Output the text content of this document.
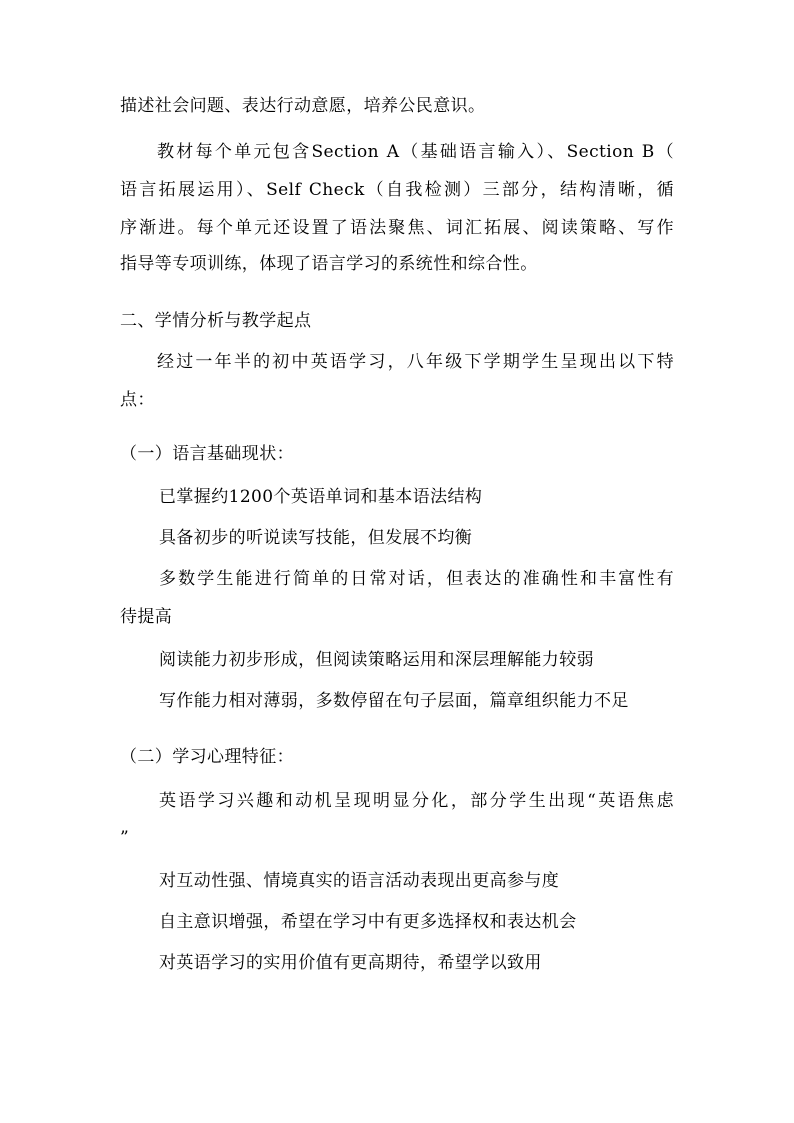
描述社会问题、表达行动意愿，培养公民意识。
教材每个单元包含Section A（基础语言输入）、Section B（
语言拓展运用）、Self Check（自我检测）三部分，结构清晰，循
序渐进。每个单元还设置了语法聚焦、词汇拓展、阅读策略、写作
指导等专项训练，体现了语言学习的系统性和综合性。
二、学情分析与教学起点
经过一年半的初中英语学习，八年级下学期学生呈现出以下特
点：
（一）语言基础现状：
已掌握约1200个英语单词和基本语法结构
具备初步的听说读写技能，但发展不均衡
多数学生能进行简单的日常对话，但表达的准确性和丰富性有
待提高
阅读能力初步形成，但阅读策略运用和深层理解能力较弱
写作能力相对薄弱，多数停留在句子层面，篇章组织能力不足
（二）学习心理特征：
英语学习兴趣和动机呈现明显分化，部分学生出现“英语焦虑
”
对互动性强、情境真实的语言活动表现出更高参与度
自主意识增强，希望在学习中有更多选择权和表达机会
对英语学习的实用价值有更高期待，希望学以致用
